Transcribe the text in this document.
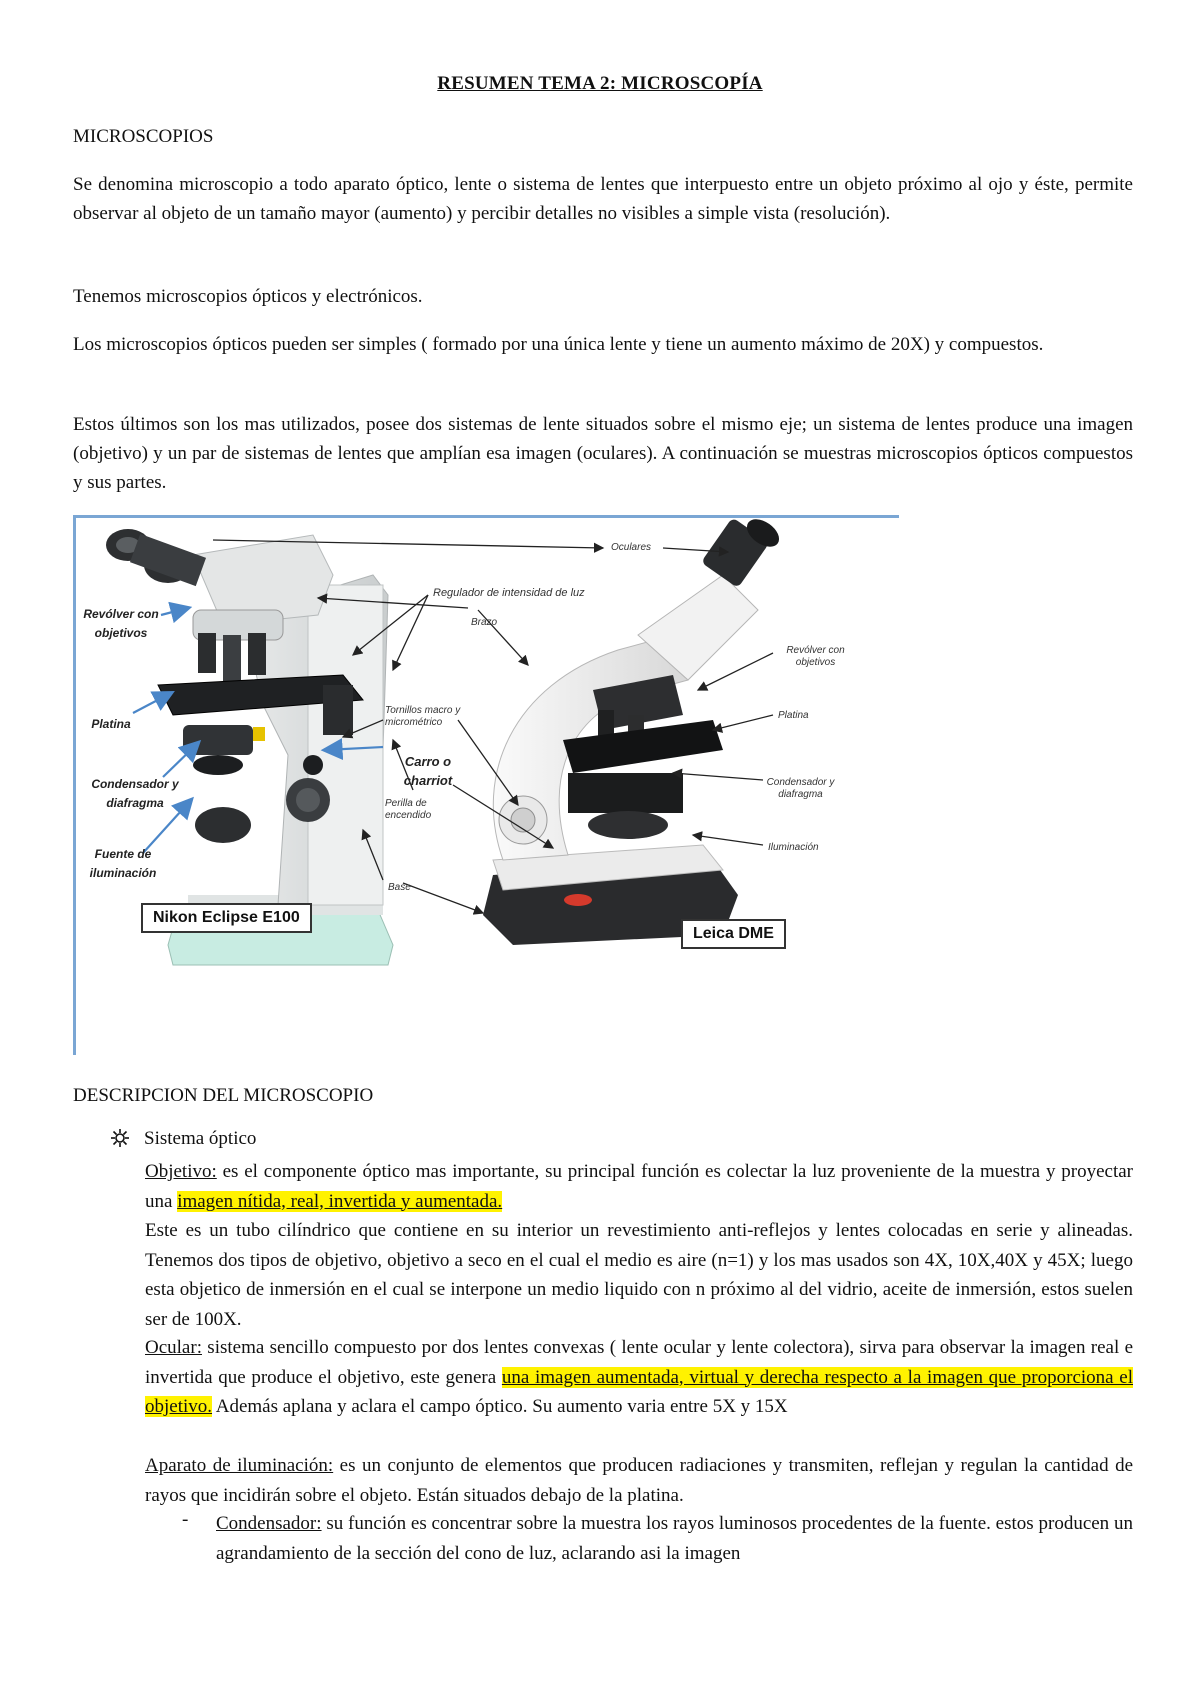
RESUMEN TEMA 2: MICROSCOPÍA
MICROSCOPIOS
Se denomina microscopio a todo aparato óptico, lente o sistema de lentes que interpuesto entre un objeto próximo al ojo y éste, permite observar al objeto de un tamaño mayor (aumento) y percibir detalles no visibles a simple vista (resolución).
Tenemos microscopios ópticos y electrónicos.
Los microscopios ópticos pueden ser simples ( formado por una única lente y tiene un aumento máximo de 20X) y compuestos.
Estos últimos son los mas utilizados, posee dos sistemas de lente situados sobre el mismo eje; un sistema de lentes produce una imagen (objetivo) y un par de sistemas de lentes que amplían esa imagen (oculares). A continuación se muestras microscopios ópticos compuestos y sus partes.
Revólver con objetivos
Platina
Condensador y diafragma
Fuente de iluminación
Carro o charriot
Oculares
Regulador de intensidad de luz
Brazo
Tornillos macro y micrométrico
Perilla de encendido
Base
Revólver con objetivos
Platina
Condensador y diafragma
Iluminación
Nikon Eclipse E100
Leica DME
DESCRIPCION DEL MICROSCOPIO
Sistema óptico
Objetivo: es el componente óptico mas importante, su principal función es colectar la luz proveniente de la muestra y proyectar una imagen nítida, real, invertida y aumentada.
Este es un tubo cilíndrico que contiene en su interior un revestimiento anti-reflejos y lentes colocadas en serie y alineadas. Tenemos dos tipos de objetivo, objetivo a seco en el cual el medio es aire (n=1) y los mas usados son 4X, 10X,40X y 45X; luego esta objetico de inmersión en el cual se interpone un medio liquido con n próximo al del vidrio, aceite de inmersión, estos suelen ser de 100X.
Ocular: sistema sencillo compuesto por dos lentes convexas ( lente ocular y lente colectora), sirva para observar la imagen real e invertida que produce el objetivo, este genera una imagen aumentada, virtual y derecha respecto a la imagen que proporciona el objetivo. Además aplana y aclara el campo óptico. Su aumento varia entre 5X y 15X
Aparato de iluminación: es un conjunto de elementos que producen radiaciones y transmiten, reflejan y regulan la cantidad de rayos que incidirán sobre el objeto. Están situados debajo de la platina.
- Condensador: su función es concentrar sobre la muestra los rayos luminosos procedentes de la fuente. estos producen un agrandamiento de la sección del cono de luz, aclarando asi la imagen
